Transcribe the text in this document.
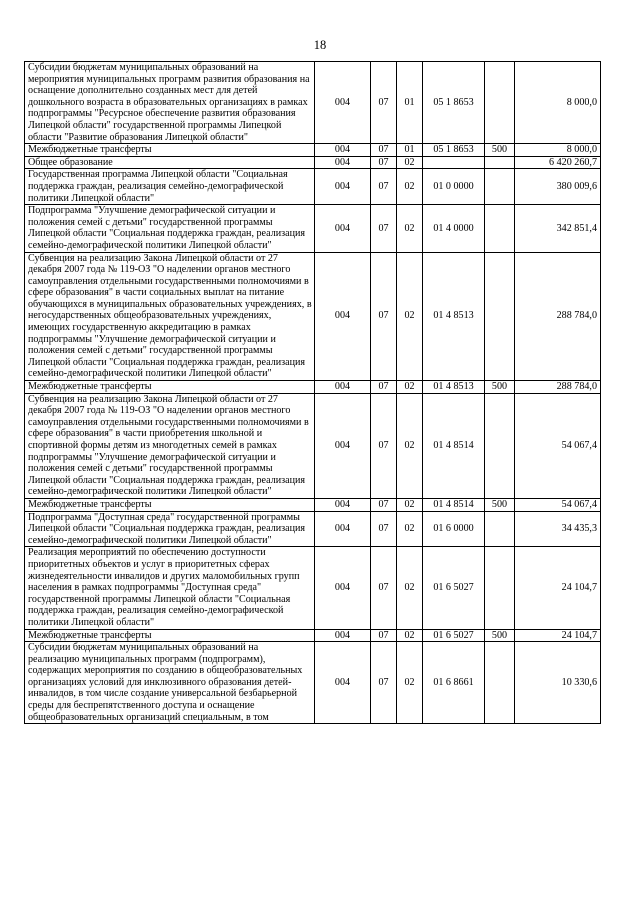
18
Субсидии бюджетам муниципальных образований на мероприятия муниципальных программ развития образования на оснащение дополнительно созданных мест для детей дошкольного возраста в образовательных организациях в рамках подпрограммы "Ресурсное обеспечение развития образования Липецкой области" государственной программы Липецкой области "Развитие образования Липецкой области"	004	07	01	05 1 8653		8 000,0
Межбюджетные трансферты	004	07	01	05 1 8653	500	8 000,0
Общее образование	004	07	02			6 420 260,7
Государственная программа Липецкой области "Социальная поддержка граждан, реализация семейно-демографической политики Липецкой области"	004	07	02	01 0 0000		380 009,6
Подпрограмма "Улучшение демографической ситуации и положения семей с детьми" государственной программы Липецкой области "Социальная поддержка граждан, реализация семейно-демографической политики Липецкой области"	004	07	02	01 4 0000		342 851,4
Субвенция на реализацию Закона Липецкой области от 27 декабря 2007 года № 119-ОЗ "О наделении органов местного самоуправления отдельными государственными полномочиями в сфере образования" в части социальных выплат на питание обучающихся в муниципальных образовательных учреждениях, в негосударственных общеобразовательных учреждениях, имеющих государственную аккредитацию в рамках подпрограммы "Улучшение демографической ситуации и положения семей с детьми" государственной программы Липецкой области "Социальная поддержка граждан, реализация семейно-демографической политики Липецкой области"	004	07	02	01 4 8513		288 784,0
Межбюджетные трансферты	004	07	02	01 4 8513	500	288 784,0
Субвенция на реализацию Закона Липецкой области от 27 декабря 2007 года № 119-ОЗ "О наделении органов местного самоуправления отдельными государственными полномочиями в сфере образования" в части приобретения школьной и спортивной формы детям из многодетных семей в рамках подпрограммы "Улучшение демографической ситуации и положения семей с детьми" государственной программы Липецкой области "Социальная поддержка граждан, реализация семейно-демографической политики Липецкой области"	004	07	02	01 4 8514		54 067,4
Межбюджетные трансферты	004	07	02	01 4 8514	500	54 067,4
Подпрограмма "Доступная среда" государственной программы Липецкой области "Социальная поддержка граждан, реализация семейно-демографической политики Липецкой области"	004	07	02	01 6 0000		34 435,3
Реализация мероприятий по обеспечению доступности приоритетных объектов и услуг в приоритетных сферах жизнедеятельности инвалидов и других маломобильных групп населения в рамках подпрограммы "Доступная среда" государственной программы Липецкой области "Социальная поддержка граждан, реализация семейно-демографической политики Липецкой области"	004	07	02	01 6 5027		24 104,7
Межбюджетные трансферты	004	07	02	01 6 5027	500	24 104,7
Субсидии бюджетам муниципальных образований на реализацию муниципальных программ (подпрограмм), содержащих мероприятия по созданию в общеобразовательных организациях условий для инклюзивного образования детей-инвалидов, в том числе создание универсальной безбарьерной среды для беспрепятственного доступа и оснащение общеобразовательных организаций специальным, в том	004	07	02	01 6 8661		10 330,6
